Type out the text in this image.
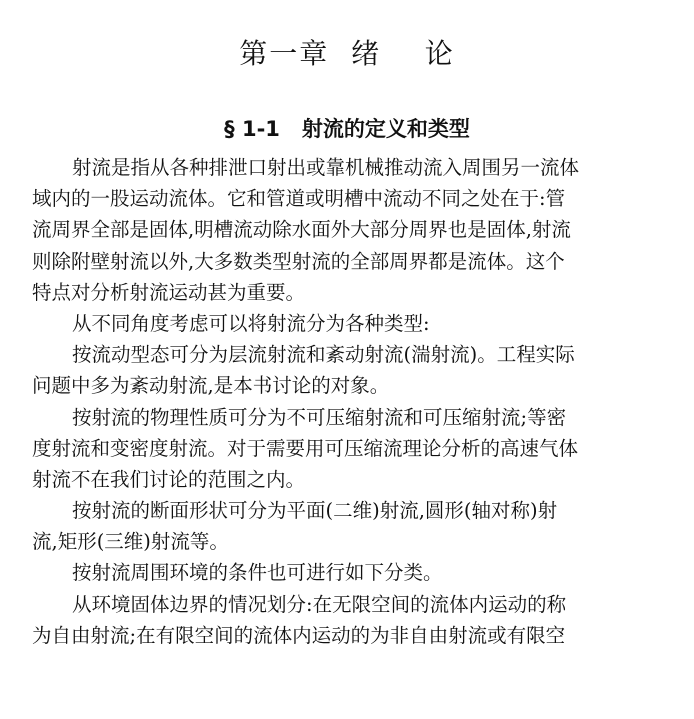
第一章  绪    论
§ 1-1   射流的定义和类型
射流是指从各种排泄口射出或靠机械推动流入周围另一流体
域内的一股运动流体。它和管道或明槽中流动不同之处在于:管
流周界全部是固体,明槽流动除水面外大部分周界也是固体,射流
则除附壁射流以外,大多数类型射流的全部周界都是流体。这个
特点对分析射流运动甚为重要。
从不同角度考虑可以将射流分为各种类型:
按流动型态可分为层流射流和紊动射流(湍射流)。工程实际
问题中多为紊动射流,是本书讨论的对象。
按射流的物理性质可分为不可压缩射流和可压缩射流;等密
度射流和变密度射流。对于需要用可压缩流理论分析的高速气体
射流不在我们讨论的范围之内。
按射流的断面形状可分为平面(二维)射流,圆形(轴对称)射
流,矩形(三维)射流等。
按射流周围环境的条件也可进行如下分类。
从环境固体边界的情况划分:在无限空间的流体内运动的称
为自由射流;在有限空间的流体内运动的为非自由射流或有限空
